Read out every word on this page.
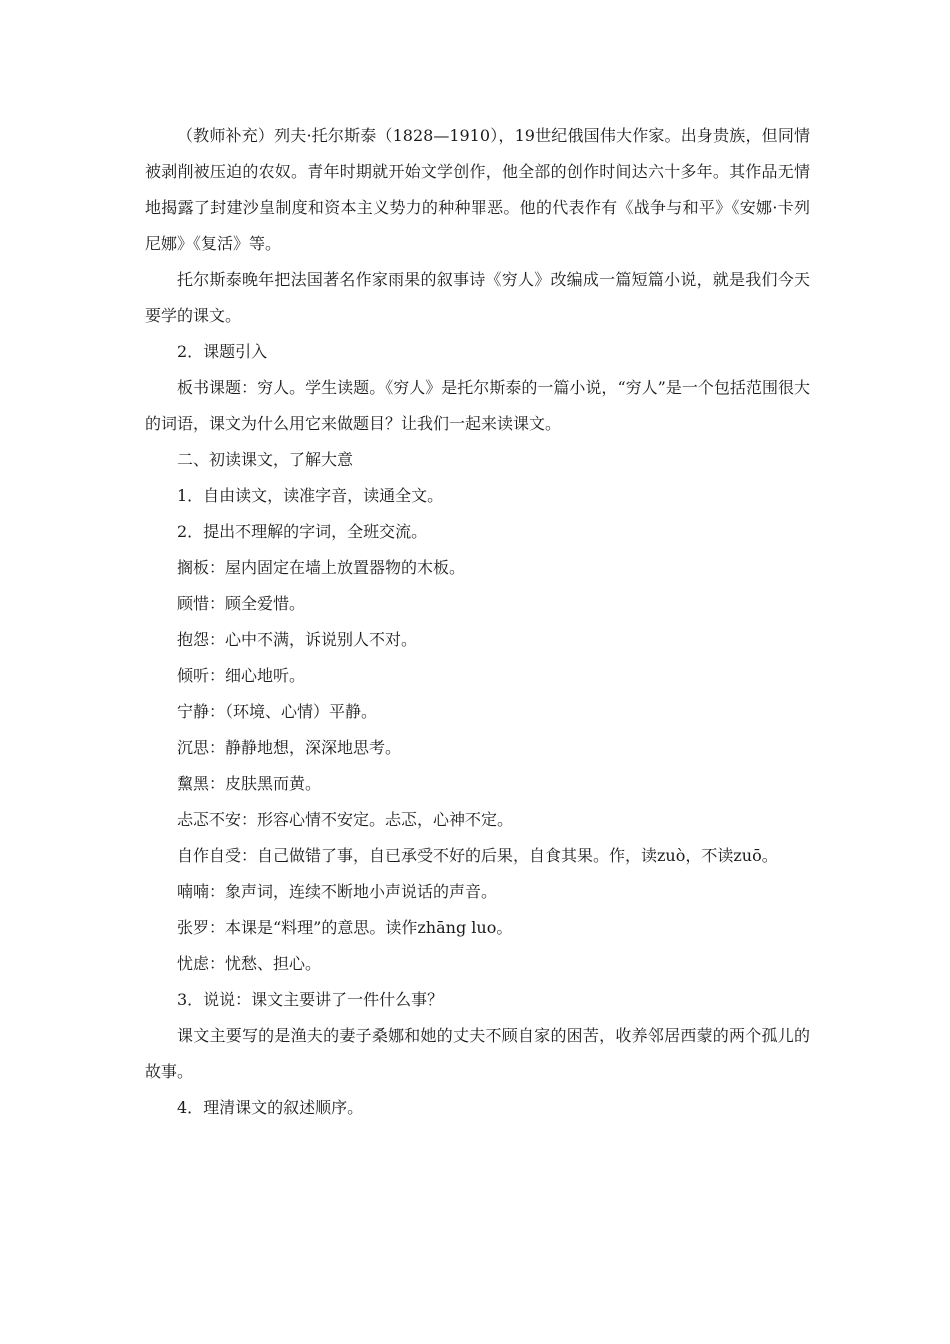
（教师补充）列夫·托尔斯泰（1828—1910），19世纪俄国伟大作家。出身贵族，但同情被剥削被压迫的农奴。青年时期就开始文学创作，他全部的创作时间达六十多年。其作品无情地揭露了封建沙皇制度和资本主义势力的种种罪恶。他的代表作有《战争与和平》《安娜·卡列尼娜》《复活》等。

托尔斯泰晚年把法国著名作家雨果的叙事诗《穷人》改编成一篇短篇小说，就是我们今天要学的课文。

2．课题引入

板书课题：穷人。学生读题。《穷人》是托尔斯泰的一篇小说，“穷人”是一个包括范围很大的词语，课文为什么用它来做题目？让我们一起来读课文。

二、初读课文，了解大意

1．自由读文，读准字音，读通全文。

2．提出不理解的字词，全班交流。

搁板：屋内固定在墙上放置器物的木板。

顾惜：顾全爱惜。

抱怨：心中不满，诉说别人不对。

倾听：细心地听。

宁静：（环境、心情）平静。

沉思：静静地想，深深地思考。

黧黑：皮肤黑而黄。

忐忑不安：形容心情不安定。忐忑，心神不定。

自作自受：自己做错了事，自已承受不好的后果，自食其果。作，读zuò，不读zuō。

喃喃：象声词，连续不断地小声说话的声音。

张罗：本课是“料理”的意思。读作zhāng luo。

忧虑：忧愁、担心。

3．说说：课文主要讲了一件什么事？

课文主要写的是渔夫的妻子桑娜和她的丈夫不顾自家的困苦，收养邻居西蒙的两个孤儿的故事。

4．理清课文的叙述顺序。
